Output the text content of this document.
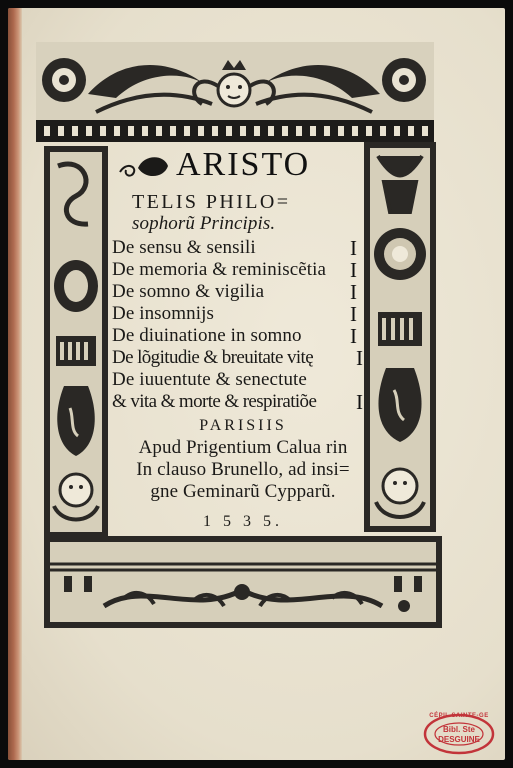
ARISTO
TELIS PHILO=
sophorũ Principis.
De sensu & sensili	I
De memoria & reminiscẽtia I
De somno & vigilia	I
De insomnijs	I
De diuinatione in somno I
De lõgitudie & breuitate vitę I
De iuuentute & senectute
& vita & morte & respiratiõe I
PARISIIS
Apud Prigentium Calua rin
In clauso Brunello, ad insi=
gne Geminarũ Cypparũ.
1 5 3 5.
CÉPIL SAINTE-GE
Bibl. Ste
DESGUINE
